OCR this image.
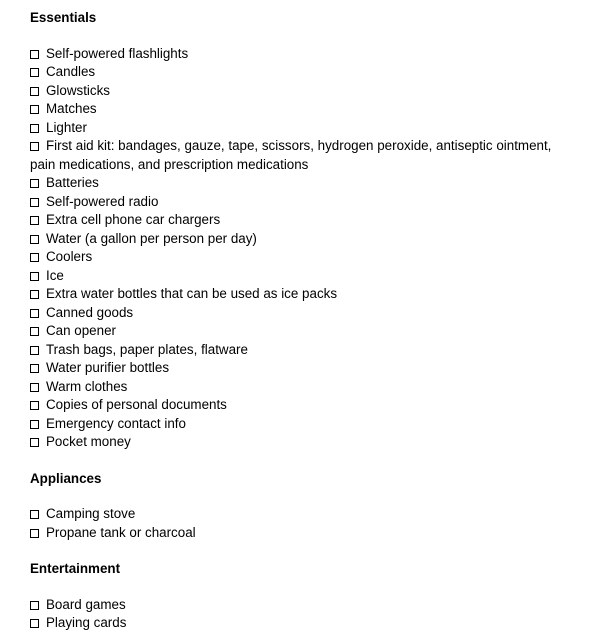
Essentials
Self-powered flashlights
Candles
Glowsticks
Matches
Lighter
First aid kit: bandages, gauze, tape, scissors, hydrogen peroxide, antiseptic ointment, pain medications, and prescription medications
Batteries
Self-powered radio
Extra cell phone car chargers
Water (a gallon per person per day)
Coolers
Ice
Extra water bottles that can be used as ice packs
Canned goods
Can opener
Trash bags, paper plates, flatware
Water purifier bottles
Warm clothes
Copies of personal documents
Emergency contact info
Pocket money
Appliances
Camping stove
Propane tank or charcoal
Entertainment
Board games
Playing cards
